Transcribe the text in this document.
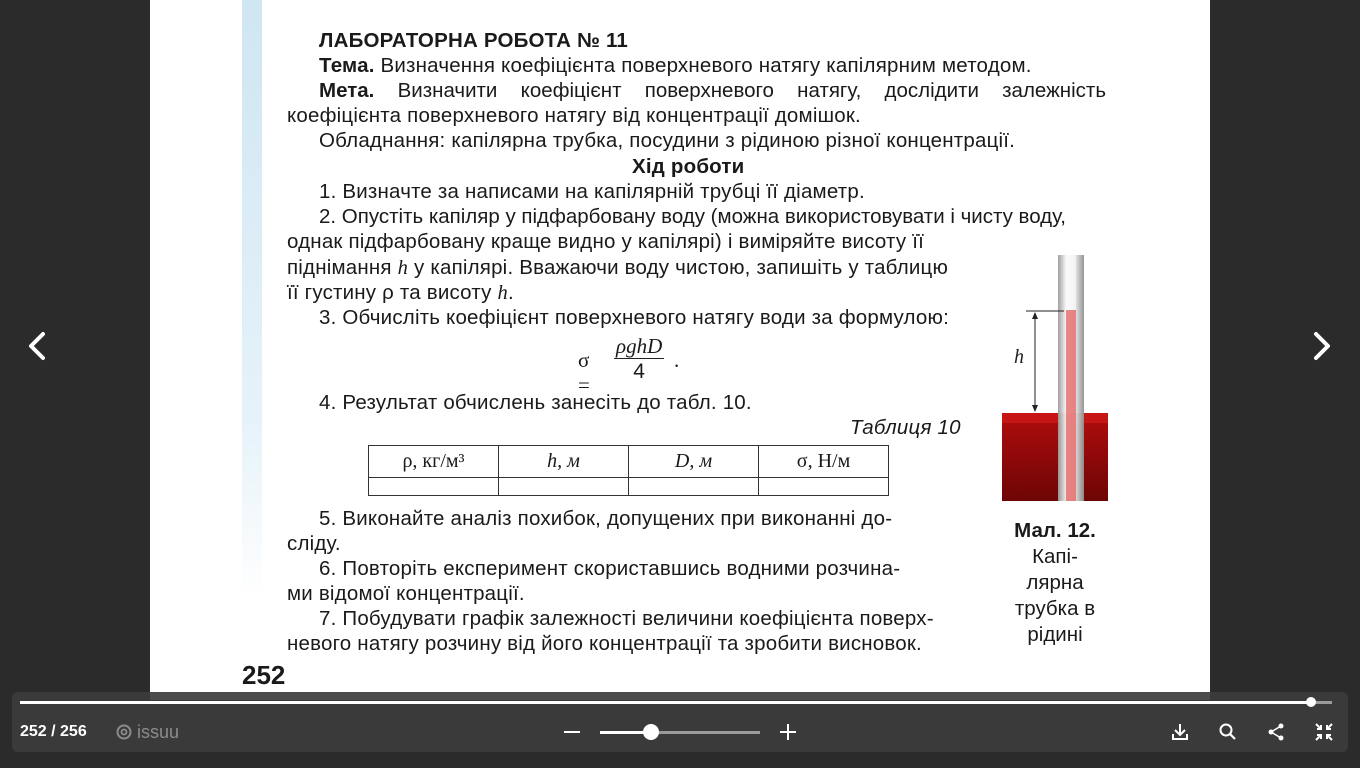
ЛАБОРАТОРНА РОБОТА № 11
Тема. Визначення коефіцієнта поверхневого натягу капілярним методом.
Мета. Визначити коефіцієнт поверхневого натягу, дослідити залежність
коефіцієнта поверхневого натягу від концентрації домішок.
Обладнання: капілярна трубка, посудини з рідиною різної концентрації.
Хід роботи
1. Визначте за написами на капілярній трубці її діаметр.
2. Опустіть капіляр у підфарбовану воду (можна використовувати і чисту воду,
однак підфарбовану краще видно у капілярі) і виміряйте висоту її
піднімання h у капілярі. Вважаючи воду чистою, запишіть у таблицю
її густину ρ та висоту h.
3. Обчисліть коефіцієнт поверхневого натягу води за формулою:
σ =
ρghD
4	.
4. Результат обчислень занесіть до табл. 10.
Таблиця 10
ρ, кг/м³	h, м	D, м	σ, Н/м

5. Виконайте аналіз похибок, допущених при виконанні до-
сліду.
6. Повторіть експеримент скориставшись водними розчина-
ми відомої концентрації.
7. Побудувати графік залежності величини коефіцієнта поверх-
невого натягу розчину від його концентрації та зробити висновок.
h
Мал. 12.
Капі-
лярна
трубка в
рідині
252
252 / 256	issuu
